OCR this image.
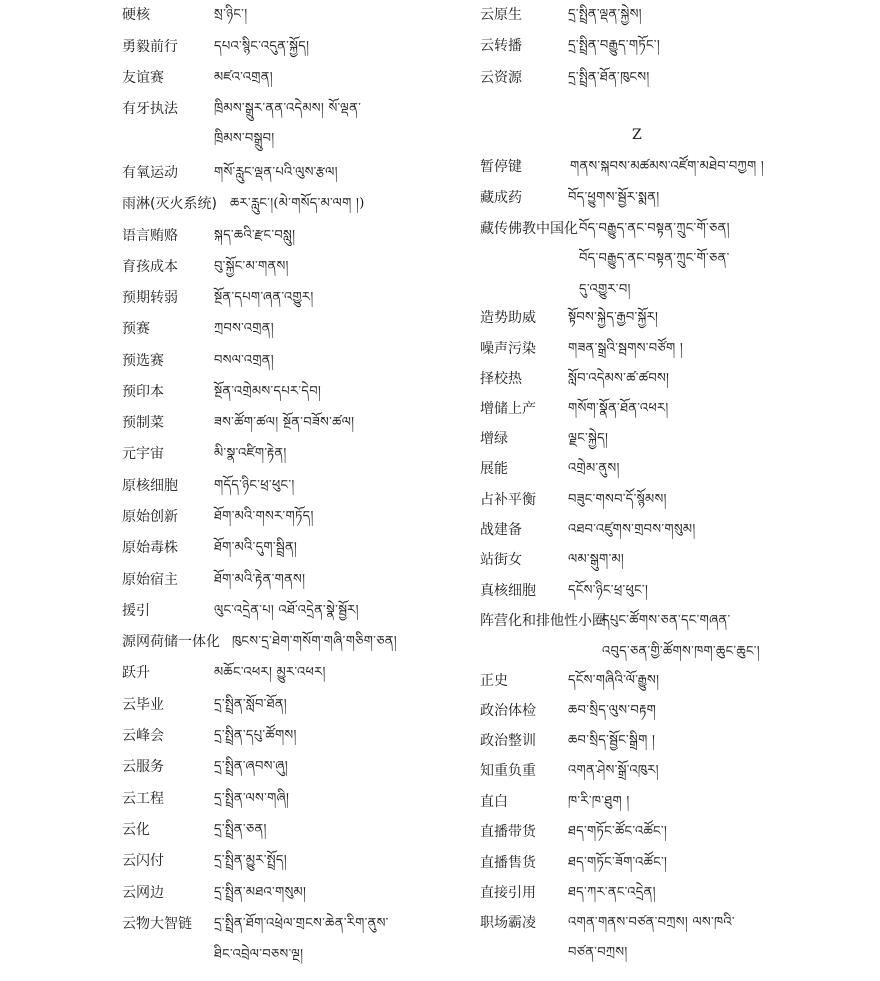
硬核	སྲ་ཉིང་།
勇毅前行	དཔའ་སྙིང་འདུན་སྐྱོད།
友谊赛	མཛའ་འགྲན།
有牙执法	ཁྲིམས་སྒྲུར་ནན་འདེམས། སོ་ལྡན་
ཁྲིམས་བསྒྲུབ།
有氧运动	གསོ་རླུང་ལྡན་པའི་ལུས་རྩལ།
雨淋(灭火系统) ཆར་རླུང་།(མེ་གསོད་མ་ལག །)
语言贿赂	སྐད་ཆའི་རྫང་བསླུ།
育孩成本	བུ་སྐྱོང་མ་གནས།
预期转弱	སྔོན་དཔག་ཞན་འགྱུར།
预赛	ཀྲབས་འགྲན།
预选赛	བསལ་འགྲན།
预印本	སྔོན་འགྲེམས་དཔར་དེབ།
预制菜	ཟས་ཚོག་ཚལ། སྔོན་བཟོས་ཚལ།
元宇宙	མི་སྣ་འཛིག་རྟེན།
原核细胞	གདོད་ཉིང་ཕྲ་ཕུང་།
原始创新	ཐོག་མའི་གསར་གཏོད།
原始毒株	ཐོག་མའི་དུག་སྦྲིན།
原始宿主	ཐོག་མའི་རྟེན་གནས།
援引	ལུང་འདྲེན་པ། འཐོ་འདྲེན་སྣེ་སྦྱོར།
源网荷储一体化 ཁུངས་དྲ་ཐེག་གསོག་གཞི་གཅིག་ཅན།
跃升	མཆོང་འཕར། མྱུར་འཕར།
云毕业	དྲ་སྤྲིན་སློབ་ཐོན།
云峰会	དྲ་སྤྲིན་དཔུ་ཚོགས།
云服务	དྲ་སྤྲིན་ཞབས་ཞུ།
云工程	དྲ་སྤྲིན་ལས་གཞི།
云化	དྲ་སྤྲིན་ཅན།
云闪付	དྲ་སྤྲིན་མྱུར་སྤྲོད།
云网边	དྲ་སྤྲིན་མཐའ་གསུམ།
云物大智链 དྲ་སྤྲིན་ཐོག་འཕྲེལ་གྲངས་ཆེན་རིག་ནུས་
ཐིང་འབྲེལ་བཅས་ལྔ།
云原生	དྲ་སྤྲིན་ལྡན་སྐྱེས།
云转播	དྲ་སྤྲིན་བརྒྱུད་གཏོང་།
云资源	དྲ་སྤྲིན་ཐོན་ཁུངས།
暂停键	གནས་སྐབས་མཚམས་འཛོག་མཐེབ་བཀྱག །
藏成药	བོད་ཕྱུགས་སྦྱོར་སྨན།
藏传佛教中国化 བོད་བརྒྱུད་ནང་བསྟན་ཀྲུང་གོ་ཅན།
བོད་བརྒྱུད་ནང་བསྟན་ཀྲུང་གོ་ཅན་
དུ་འགྱུར་བ།
造势助威 སྟོབས་སྐྱེད་རྒྱབ་སྐྱོར།
噪声污染 གཟན་སྒྲའི་སྦགས་བཙོག །
择校热	སློབ་འདེམས་ཚ་ཚབས།
增储上产 གསོག་སྣོན་ཐོན་འཕར།
增绿	ལྗང་སྐྱེད།
展能	འགྲེམ་ནུས།
占补平衡 བཟུང་གསབ་དོ་སྙོམས།
战建备	འཐབ་འཛུགས་གྲབས་གསུམ།
站街女	ལམ་སྒུག་མ།
真核细胞 དངོས་ཉིང་ཕྲ་ཕུང་།
阵营化和排他性小圈
དཔུང་ཚོགས་ཅན་དང་གཞན་
འབུད་ཅན་གྱི་ཚོགས་ཁག་ཆུང་ཆུང་།
正史	དངོས་གཞིའི་ལོ་རྒྱུས།
政治体检 ཆབ་སྲིད་ལུས་བརྟག
政治整训 ཆབ་སྲིད་སྦྱོང་སྒྲིག །
知重负重 འགན་ཤེས་སྒྲོ་འཁུར།
直白	ཁ་རི་ཁ་ཐུག །
直播带货 ཐད་གཏོང་ཚོང་འཚོང་།
直播售货 ཐད་གཏོང་ཟོག་འཚོང་།
直接引用 ཐད་ཀར་ནང་འདྲེན།
职场霸凌 འགན་གནས་བཙན་བཀྲས། ལས་ཁའི་
བཙན་བཀྲས།
Z
